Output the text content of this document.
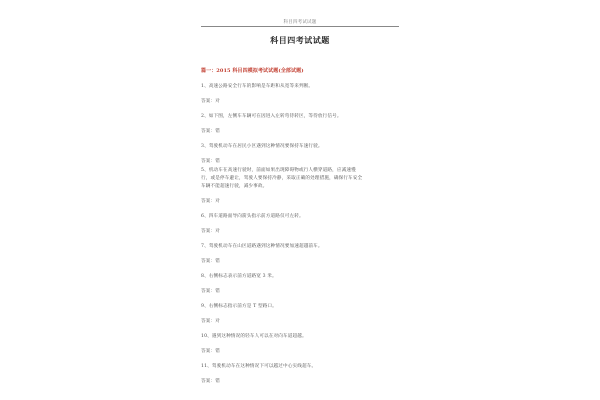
科目四考试试题
科目四考试试题
篇一：2015 科目四模拟考试试题(全部试题)
1、高速公路安全行车的影响是车距和从宽等来判断。
答案：对
2、如下图，左侧车车辆可在因进入左转弯待转区，等待放行信号。
答案：错
3、驾驶机动车在居民小区遇到这种情况要保持车速行驶。
答案：错
5、机动车在高速行驶时，前面如果出现障碍物或行人横穿道路，应减速慢
行，或是停车避让，驾驶人要保持冷静，采取正确的处理措施，确保行车安全
车辆不能超速行驶，减少事故。
答案：对
6、四车道路面导向箭头指示前方道路仅可左转。
答案：对
7、驾驶机动车在山区道路遇到这种情况要加速超越前车。
答案：错
8、右侧标志表示前方道路宽 3 米。
答案：错
9、右侧标志指示前方是 T 型路口。
答案：对
10、遇到这种情况的轻车人可以在对向车道超越。
答案：错
11、驾驶机动车在这种情况下可以越过中心实线超车。
答案：错
